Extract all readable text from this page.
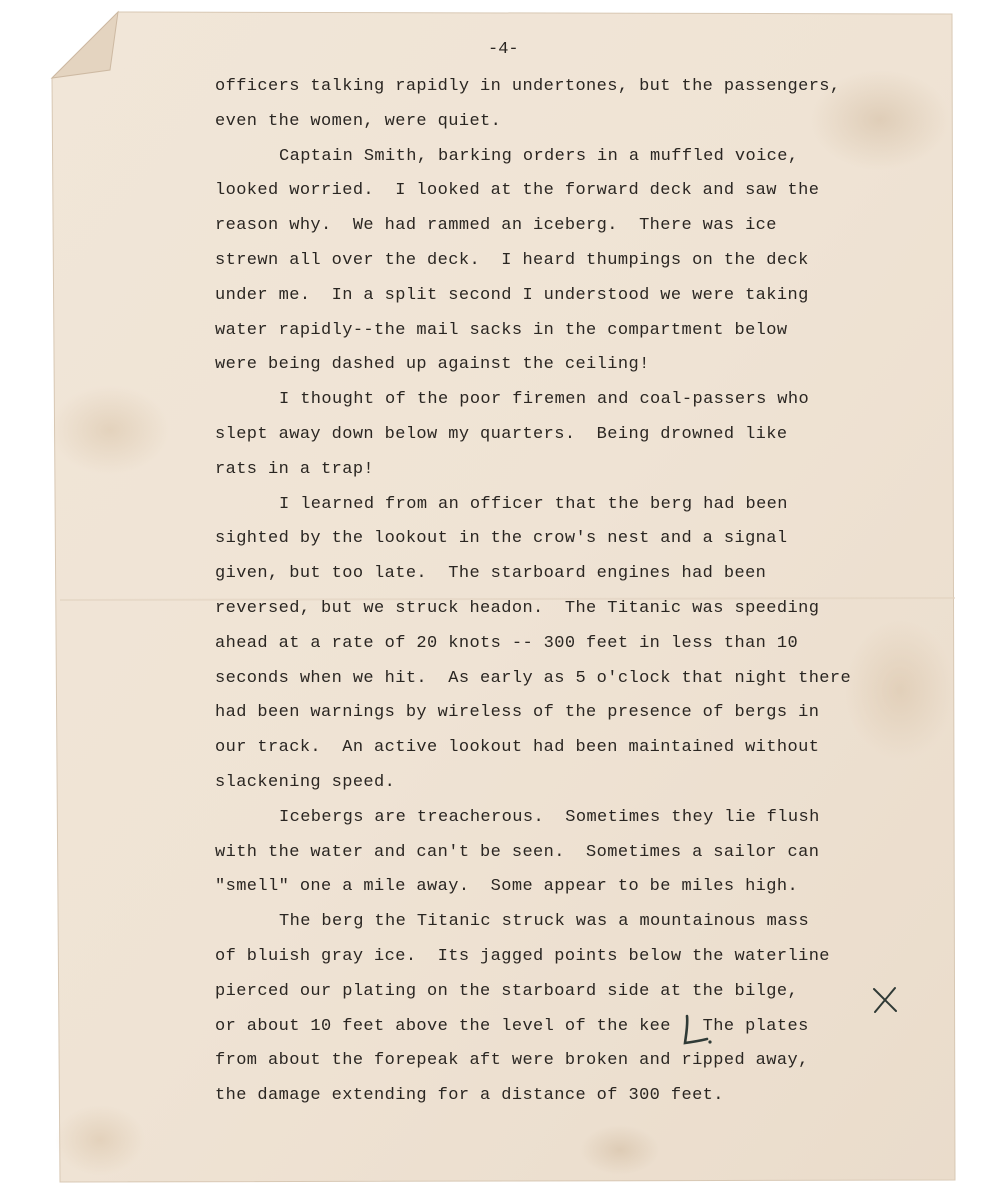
-4-
officers talking rapidly in undertones, but the passengers,
even the women, were quiet.
Captain Smith, barking orders in a muffled voice,
looked worried.  I looked at the forward deck and saw the
reason why.  We had rammed an iceberg.  There was ice
strewn all over the deck.  I heard thumpings on the deck
under me.  In a split second I understood we were taking
water rapidly--the mail sacks in the compartment below
were being dashed up against the ceiling!
I thought of the poor firemen and coal-passers who
slept away down below my quarters.  Being drowned like
rats in a trap!
I learned from an officer that the berg had been
sighted by the lookout in the crow's nest and a signal
given, but too late.  The starboard engines had been
reversed, but we struck headon.  The Titanic was speeding
ahead at a rate of 20 knots -- 300 feet in less than 10
seconds when we hit.  As early as 5 o'clock that night there
had been warnings by wireless of the presence of bergs in
our track.  An active lookout had been maintained without
slackening speed.
Icebergs are treacherous.  Sometimes they lie flush
with the water and can't be seen.  Sometimes a sailor can
"smell" one a mile away.  Some appear to be miles high.
The berg the Titanic struck was a mountainous mass
of bluish gray ice.  Its jagged points below the waterline
pierced our plating on the starboard side at the bilge,
or about 10 feet above the level of the kee   The plates
from about the forepeak aft were broken and ripped away,
the damage extending for a distance of 300 feet.
